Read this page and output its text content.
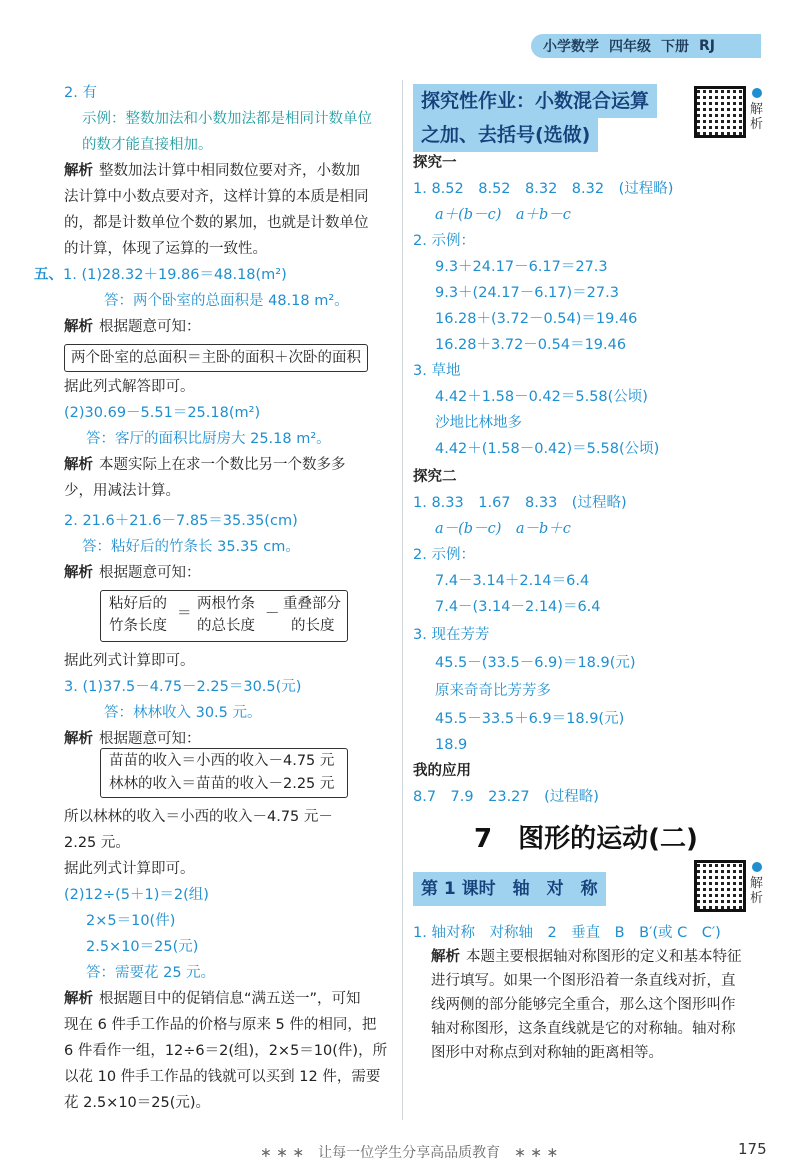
小学数学 四年级 下册 RJ
2. 有
示例：整数加法和小数加法都是相同计数单位
的数才能直接相加。
解析 整数加法计算中相同数位要对齐，小数加
法计算中小数点要对齐，这样计算的本质是相同
的，都是计数单位个数的累加，也就是计数单位
的计算，体现了运算的一致性。
五、1. (1)28.32＋19.86＝48.18(m²)
答：两个卧室的总面积是 48.18 m²。
解析 根据题意可知：
两个卧室的总面积＝主卧的面积＋次卧的面积
据此列式解答即可。
(2)30.69－5.51＝25.18(m²)
答：客厅的面积比厨房大 25.18 m²。
解析 本题实际上在求一个数比另一个数多多
少，用减法计算。
2. 21.6＋21.6－7.85＝35.35(cm)
答：粘好后的竹条长 35.35 cm。
解析 根据题意可知：
粘好后的
竹条长度
＝
两根竹条
的总长度
－
重叠部分
的长度
据此列式计算即可。
3. (1)37.5－4.75－2.25＝30.5(元)
答：林林收入 30.5 元。
解析 根据题意可知：
苗苗的收入＝小西的收入－4.75 元
林林的收入＝苗苗的收入－2.25 元
所以林林的收入＝小西的收入－4.75 元－
2.25 元。
据此列式计算即可。
(2)12÷(5＋1)＝2(组)
2×5＝10(件)
2.5×10＝25(元)
答：需要花 25 元。
解析 根据题目中的促销信息“满五送一”，可知
现在 6 件手工作品的价格与原来 5 件的相同，把
6 件看作一组，12÷6＝2(组)，2×5＝10(件)，所
以花 10 件手工作品的钱就可以买到 12 件，需要
花 2.5×10＝25(元)。
探究性作业：小数混合运算
之加、去括号(选做)
解析
探究一
1. 8.52　8.52　8.32　8.32　(过程略)
a＋(b－c)　a＋b－c
2. 示例：
9.3＋24.17－6.17＝27.3
9.3＋(24.17－6.17)＝27.3
16.28＋(3.72－0.54)＝19.46
16.28＋3.72－0.54＝19.46
3. 草地
4.42＋1.58－0.42＝5.58(公顷)
沙地比林地多
4.42＋(1.58－0.42)＝5.58(公顷)
探究二
1. 8.33　1.67　8.33　(过程略)
a－(b－c)　a－b＋c
2. 示例：
7.4－3.14＋2.14＝6.4
7.4－(3.14－2.14)＝6.4
3. 现在芳芳
45.5－(33.5－6.9)＝18.9(元)
原来奇奇比芳芳多
45.5－33.5＋6.9＝18.9(元)
18.9
我的应用
8.7　7.9　23.27　(过程略)
7　图形的运动(二)
第 1 课时　轴　对　称	解析
1. 轴对称　对称轴　2　垂直　B　B′(或 C　C′)
解析 本题主要根据轴对称图形的定义和基本特征
进行填写。如果一个图形沿着一条直线对折，直
线两侧的部分能够完全重合，那么这个图形叫作
轴对称图形，这条直线就是它的对称轴。轴对称
图形中对称点到对称轴的距离相等。
∗ ∗ ∗　让每一位学生分享高品质教育　∗ ∗ ∗	175
